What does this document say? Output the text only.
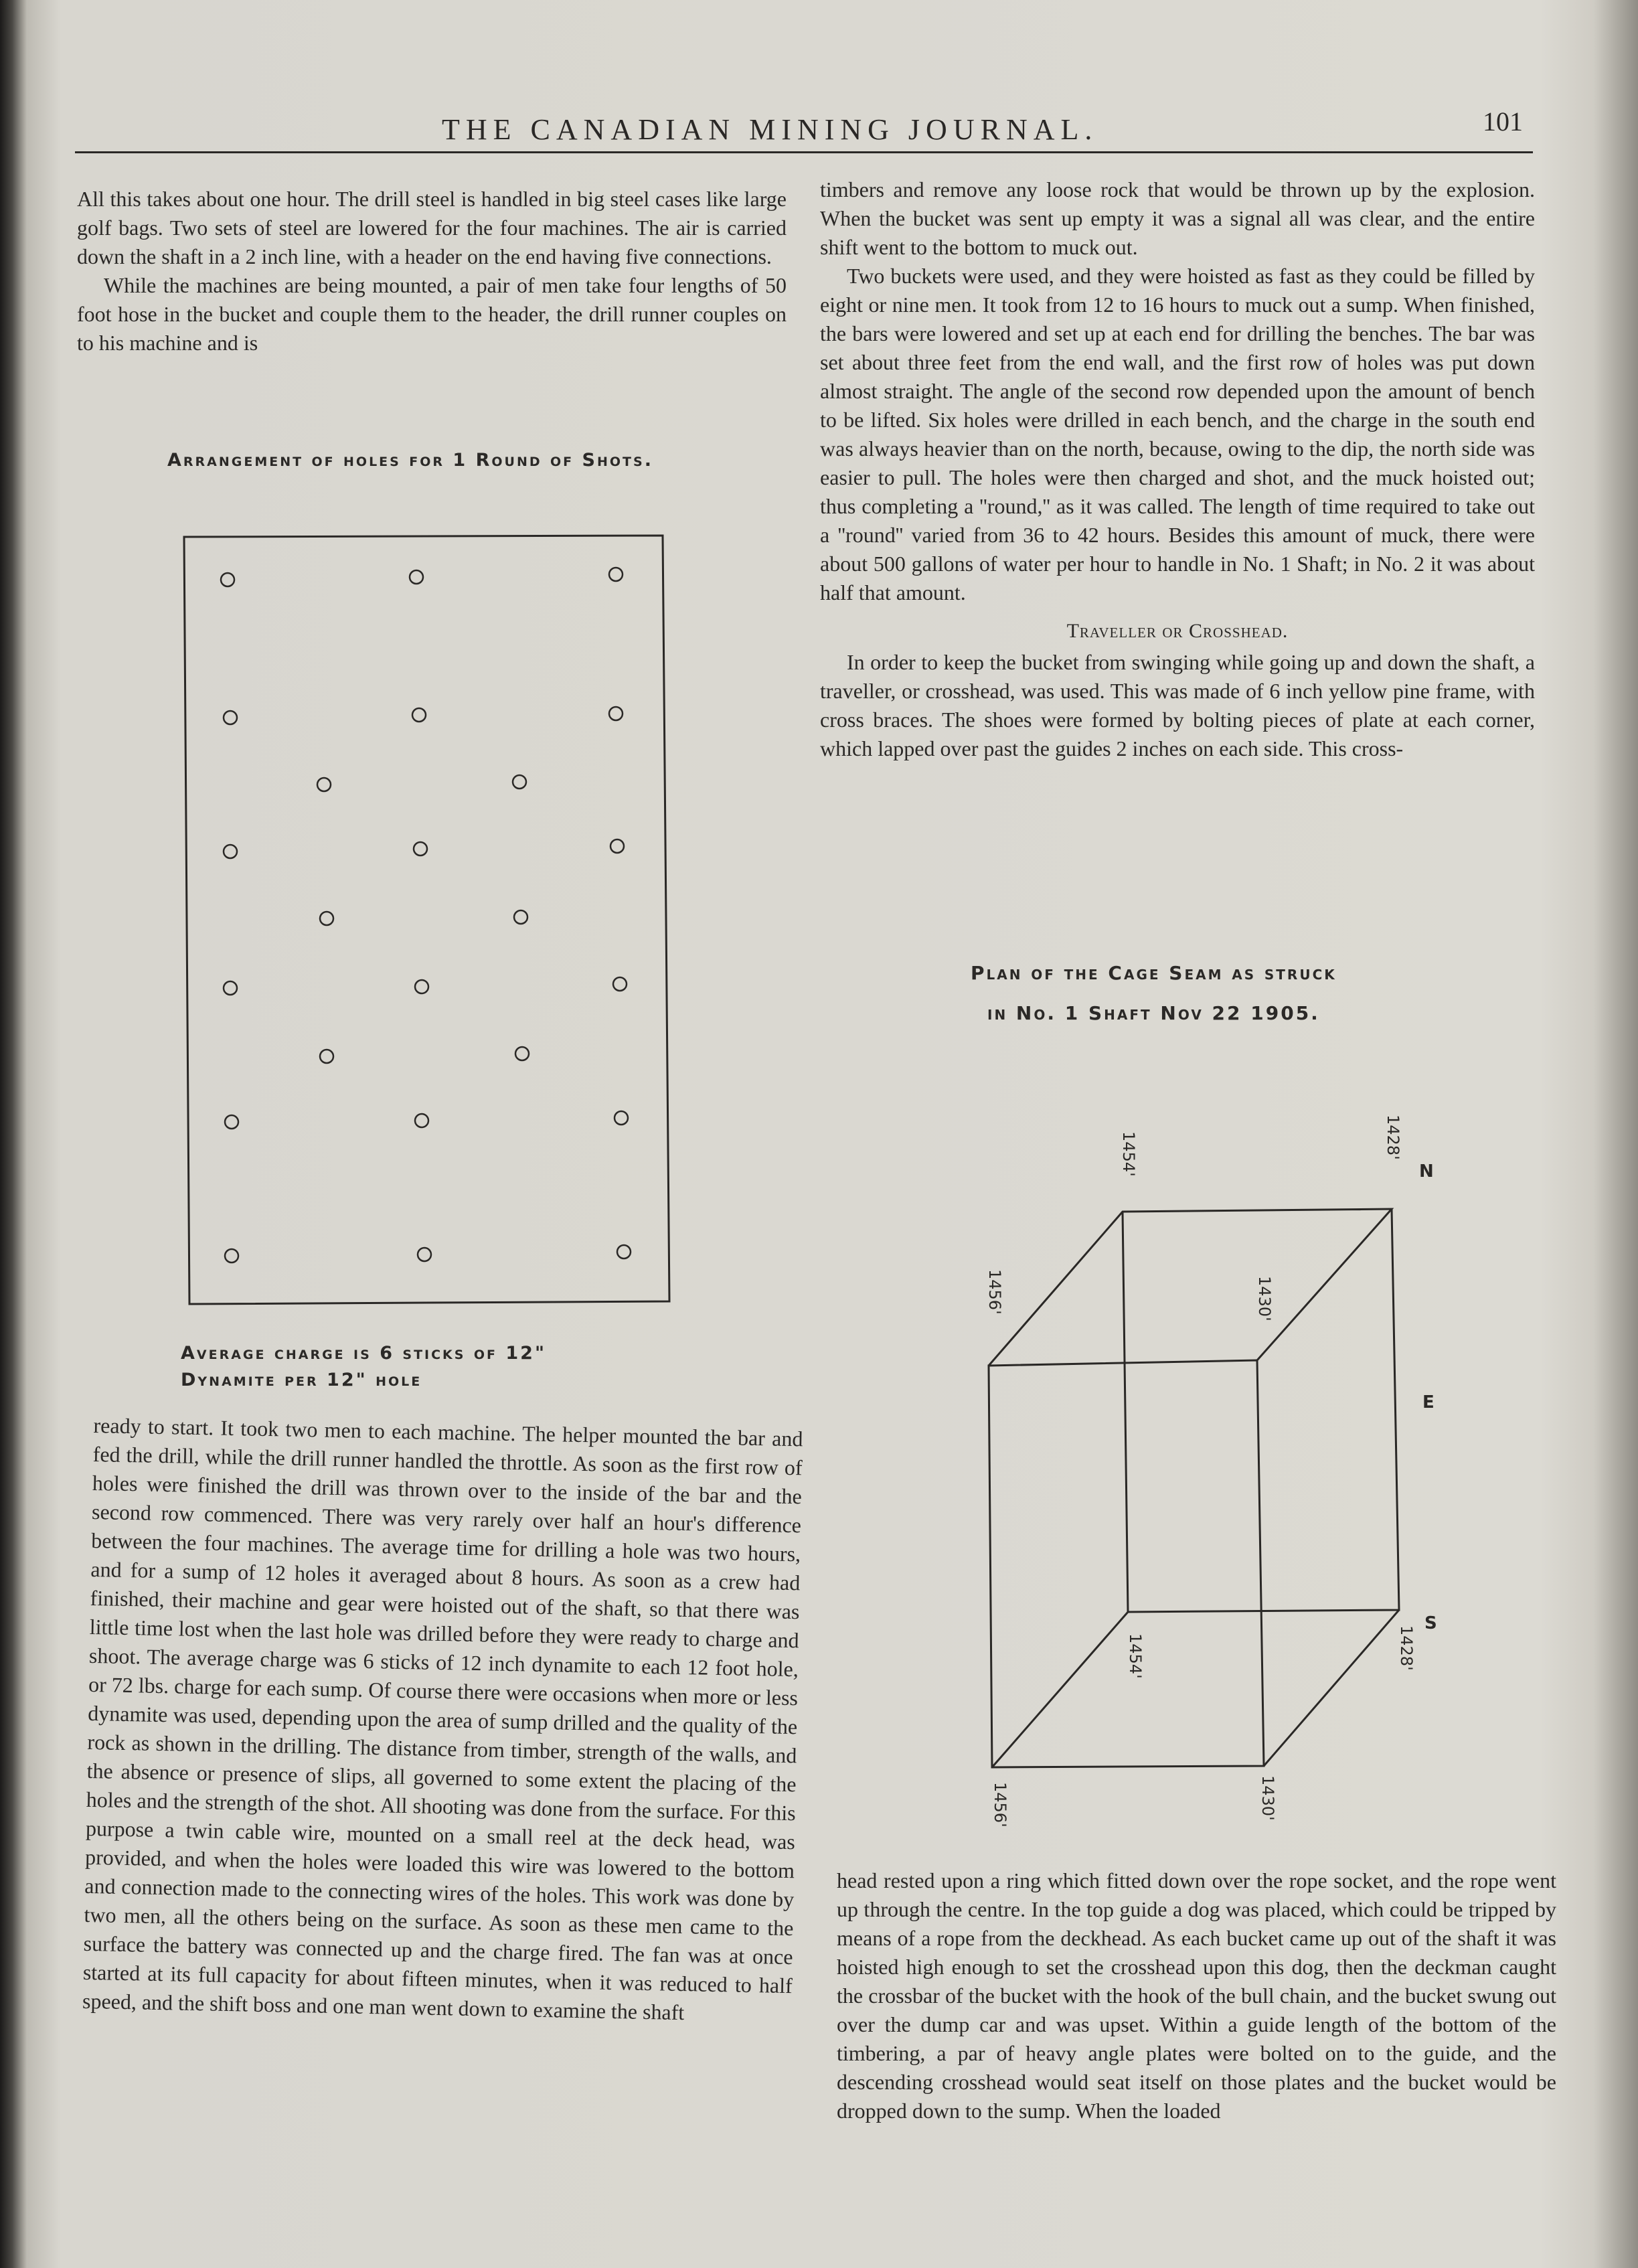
THE CANADIAN MINING JOURNAL.	101

All this takes about one hour. The drill steel is handled in big steel cases like large golf bags. Two sets of steel are lowered for the four machines. The air is carried down the shaft in a 2 inch line, with a header on the end having five connections.

While the machines are being mounted, a pair of men take four lengths of 50 foot hose in the bucket and couple them to the header, the drill runner couples on to his machine and is

Arrangement of holes for 1 Round of Shots.
Average charge is 6 sticks of 12"
Dynamite per 12" hole
Plan of the Cage Seam as struck
in No. 1 Shaft Nov 22 1905.
1454'	1428'
1456'	1430'
1454'	1428'
1456'	1430'
N
E
S

ready to start. It took two men to each machine. The helper mounted the bar and fed the drill, while the drill runner handled the throttle. As soon as the first row of holes were finished the drill was thrown over to the inside of the bar and the second row commenced. There was very rarely over half an hour's difference between the four machines. The average time for drilling a hole was two hours, and for a sump of 12 holes it averaged about 8 hours. As soon as a crew had finished, their machine and gear were hoisted out of the shaft, so that there was little time lost when the last hole was drilled before they were ready to charge and shoot. The average charge was 6 sticks of 12 inch dynamite to each 12 foot hole, or 72 lbs. charge for each sump. Of course there were occasions when more or less dynamite was used, depending upon the area of sump drilled and the quality of the rock as shown in the drilling. The distance from timber, strength of the walls, and the absence or presence of slips, all governed to some extent the placing of the holes and the strength of the shot. All shooting was done from the surface. For this purpose a twin cable wire, mounted on a small reel at the deck head, was provided, and when the holes were loaded this wire was lowered to the bottom and connection made to the connecting wires of the holes. This work was done by two men, all the others being on the surface. As soon as these men came to the surface the battery was connected up and the charge fired. The fan was at once started at its full capacity for about fifteen minutes, when it was reduced to half speed, and the shift boss and one man went down to examine the shaft

timbers and remove any loose rock that would be thrown up by the explosion. When the bucket was sent up empty it was a signal all was clear, and the entire shift went to the bottom to muck out.

Two buckets were used, and they were hoisted as fast as they could be filled by eight or nine men. It took from 12 to 16 hours to muck out a sump. When finished, the bars were lowered and set up at each end for drilling the benches. The bar was set about three feet from the end wall, and the first row of holes was put down almost straight. The angle of the second row depended upon the amount of bench to be lifted. Six holes were drilled in each bench, and the charge in the south end was always heavier than on the north, because, owing to the dip, the north side was easier to pull. The holes were then charged and shot, and the muck hoisted out; thus completing a ''round,'' as it was called. The length of time required to take out a ''round'' varied from 36 to 42 hours. Besides this amount of muck, there were about 500 gallons of water per hour to handle in No. 1 Shaft; in No. 2 it was about half that amount.

Traveller or Crosshead.

In order to keep the bucket from swinging while going up and down the shaft, a traveller, or crosshead, was used. This was made of 6 inch yellow pine frame, with cross braces. The shoes were formed by bolting pieces of plate at each corner, which lapped over past the guides 2 inches on each side. This cross-

head rested upon a ring which fitted down over the rope socket, and the rope went up through the centre. In the top guide a dog was placed, which could be tripped by means of a rope from the deckhead. As each bucket came up out of the shaft it was hoisted high enough to set the crosshead upon this dog, then the deckman caught the crossbar of the bucket with the hook of the bull chain, and the bucket swung out over the dump car and was upset. Within a guide length of the bottom of the timbering, a par of heavy angle plates were bolted on to the guide, and the descending crosshead would seat itself on those plates and the bucket would be dropped down to the sump. When the loaded
